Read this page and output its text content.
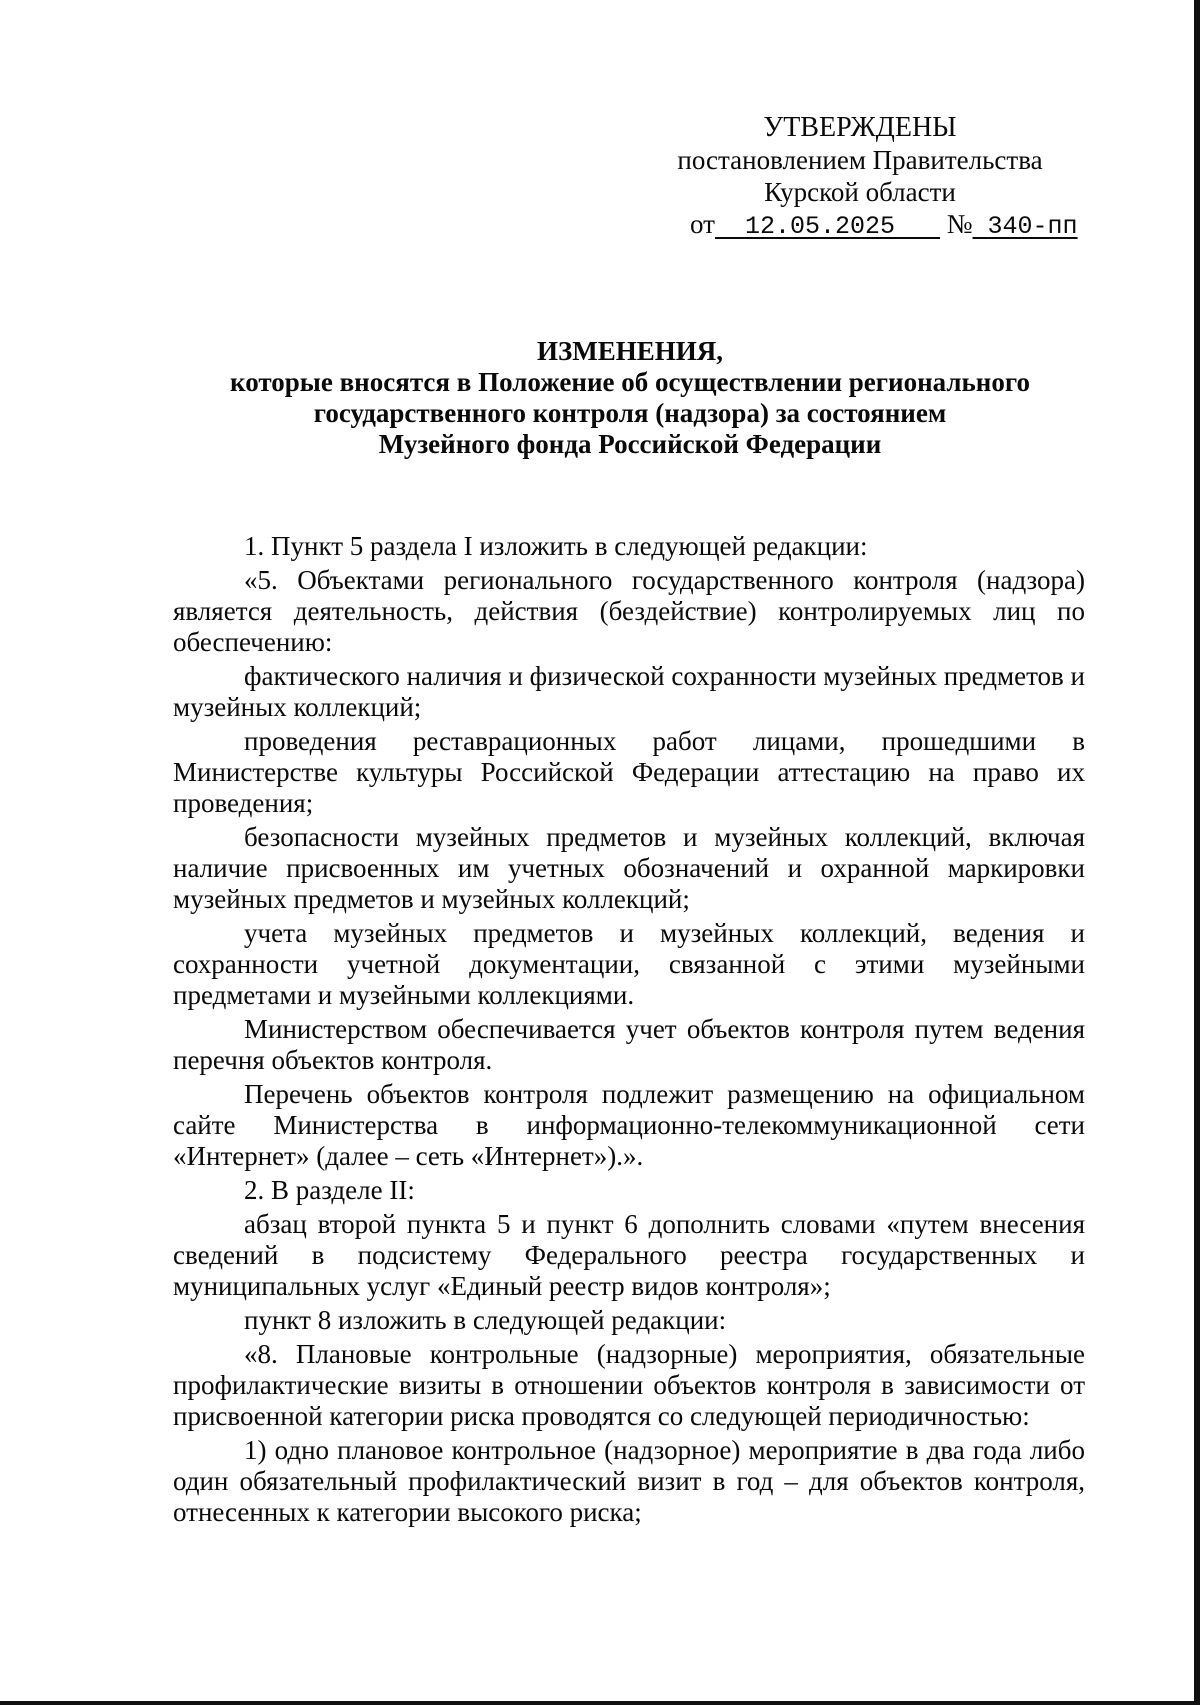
УТВЕРЖДЕНЫ
постановлением Правительства
Курской области
от 12.05.2025 № 340-пп
ИЗМЕНЕНИЯ,
которые вносятся в Положение об осуществлении регионального
государственного контроля (надзора) за состоянием
Музейного фонда Российской Федерации

1. Пункт 5 раздела I изложить в следующей редакции:

«5. Объектами регионального государственного контроля (надзора) является деятельность, действия (бездействие) контролируемых лиц по обеспечению:

фактического наличия и физической сохранности музейных предметов и музейных коллекций;

проведения реставрационных работ лицами, прошедшими в Министерстве культуры Российской Федерации аттестацию на право их проведения;

безопасности музейных предметов и музейных коллекций, включая наличие присвоенных им учетных обозначений и охранной маркировки музейных предметов и музейных коллекций;

учета музейных предметов и музейных коллекций, ведения и сохранности учетной документации, связанной с этими музейными предметами и музейными коллекциями.

Министерством обеспечивается учет объектов контроля путем ведения перечня объектов контроля.

Перечень объектов контроля подлежит размещению на официальном сайте Министерства в информационно-телекоммуникационной сети «Интернет» (далее – сеть «Интернет»).».

2. В разделе II:

абзац второй пункта 5 и пункт 6 дополнить словами «путем внесения сведений в подсистему Федерального реестра государственных и муниципальных услуг «Единый реестр видов контроля»;

пункт 8 изложить в следующей редакции:

«8. Плановые контрольные (надзорные) мероприятия, обязательные профилактические визиты в отношении объектов контроля в зависимости от присвоенной категории риска проводятся со следующей периодичностью:

1) одно плановое контрольное (надзорное) мероприятие в два года либо один обязательный профилактический визит в год – для объектов контроля, отнесенных к категории высокого риска;
